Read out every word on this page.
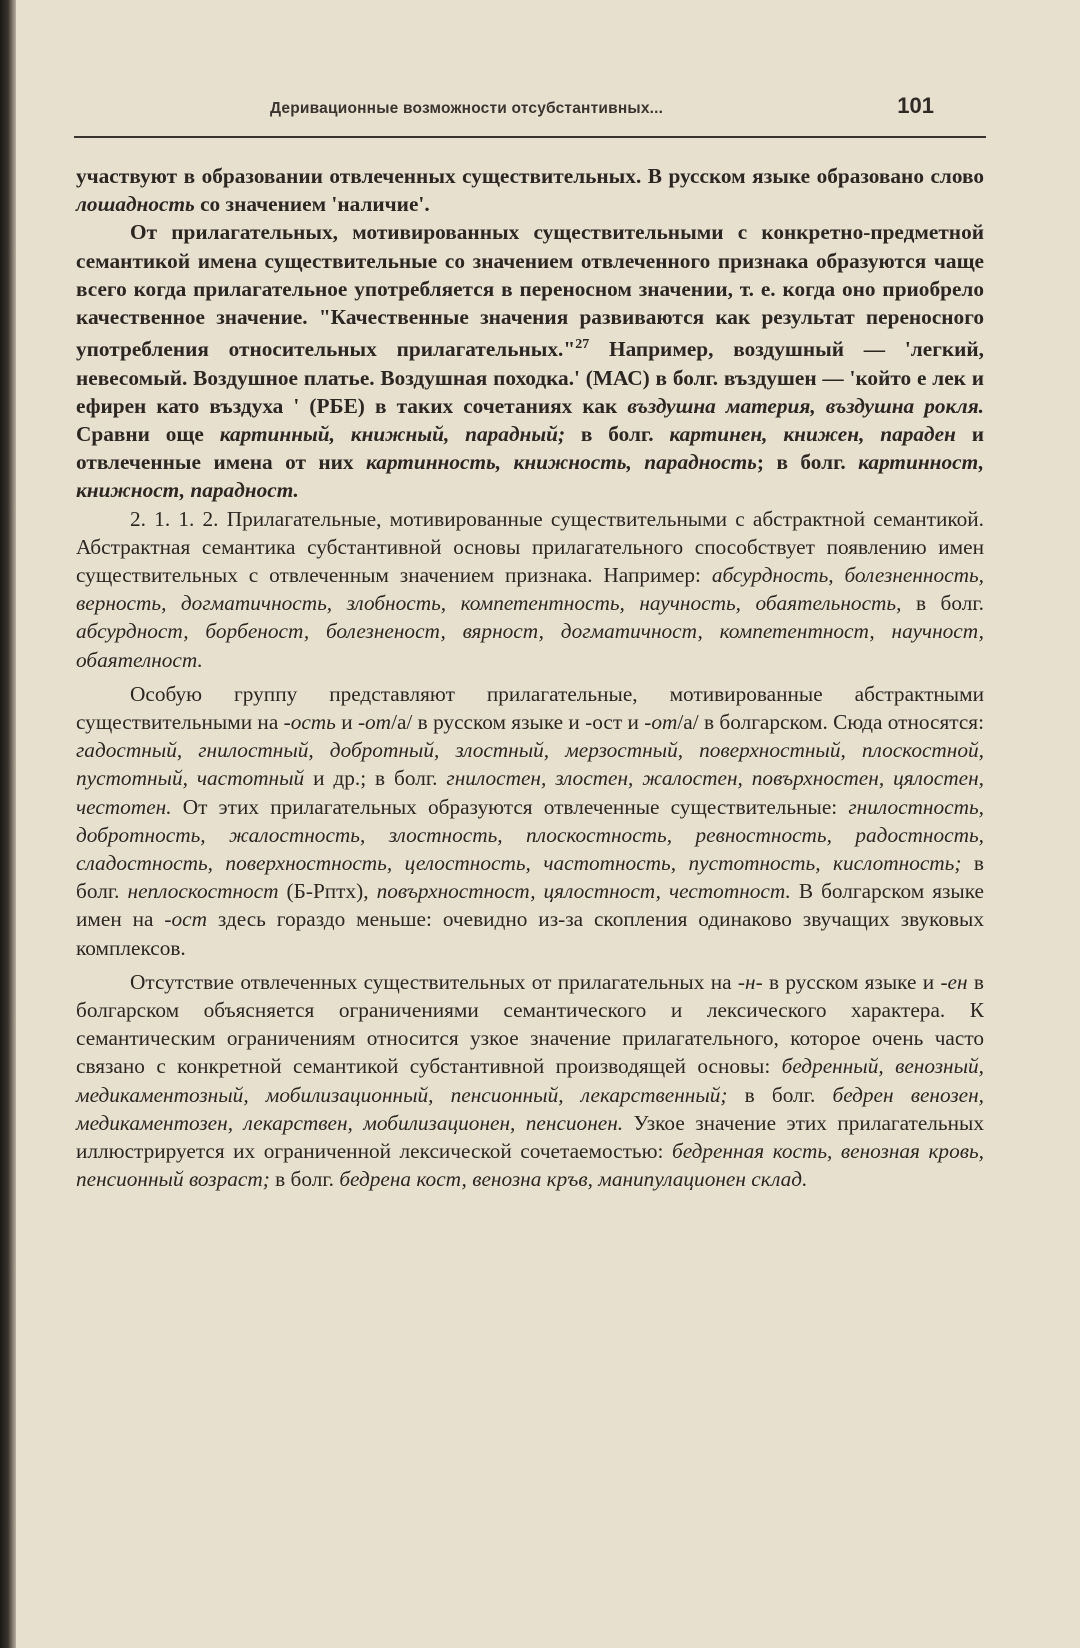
Деривационные возможности отсубстантивных...	101

участвуют в образовании отвлеченных существительных. В русском языке образовано слово лошадность со значением 'наличие'.

От прилагательных, мотивированных существительными с конкретно-предметной семантикой имена существительные со значением отвлеченного признака образуются чаще всего когда прилагательное употребляется в переносном значении, т. е. когда оно приобрело качественное значение. "Качественные значения развиваются как результат переносного употребления относительных прилагательных."$^{27}$ Например, воздушный — 'легкий, невесомый. Воздушное платье. Воздушная походка.' (МАС) в болг. въздушен — 'който е лек и ефирен като въздуха ' (РБЕ) в таких сочетаниях как въздушна материя, въздушна рокля. Сравни още картинный, книжный, парадный; в болг. картинен, книжен, параден и отвлеченные имена от них картинность, книжность, парадность; в болг. картинност, книжност, парадност.

2. 1. 1. 2. Прилагательные, мотивированные существительными с абстрактной семантикой. Абстрактная семантика субстантивной основы прилагательного способствует появлению имен существительных с отвлеченным значением признака. Например: абсурдность, болезненность, верность, догматичность, злобность, компетентность, научность, обаятельность, в болг. абсурдност, борбеност, болезненост, вярност, догматичност, компетентност, научност, обаятелност.

Особую группу представляют прилагательные, мотивированные абстрактными существительными на -ость и -от/а/ в русском языке и -ост и -от/а/ в болгарском. Сюда относятся: гадостный, гнилостный, добротный, злостный, мерзостный, поверхностный, плоскостной, пустотный, частотный и др.; в болг. гнилостен, злостен, жалостен, повърхностен, цялостен, честотен. От этих прилагательных образуются отвлеченные существительные: гнилостность, добротность, жалостность, злостность, плоскостность, ревностность, радостность, сладостность, поверхностность, целостность, частотность, пустотность, кислотность; в болг. неплоскостност (Б-Рптх), повърхностност, цялостност, честотност. В болгарском языке имен на -ост здесь гораздо меньше: очевидно из-за скопления одинаково звучащих звуковых комплексов.

Отсутствие отвлеченных существительных от прилагательных на -н- в русском языке и -ен в болгарском объясняется ограничениями семантического и лексического характера. К семантическим ограничениям относится узкое значение прилагательного, которое очень часто связано с конкретной семантикой субстантивной производящей основы: бедренный, венозный, медикаментозный, мобилизационный, пенсионный, лекарственный; в болг. бедрен венозен, медикаментозен, лекарствен, мобилизационен, пенсионен. Узкое значение этих прилагательных иллюстрируется их ограниченной лексической сочетаемостью: бедренная кость, венозная кровь, пенсионный возраст; в болг. бедрена кост, венозна кръв, манипулационен склад.
